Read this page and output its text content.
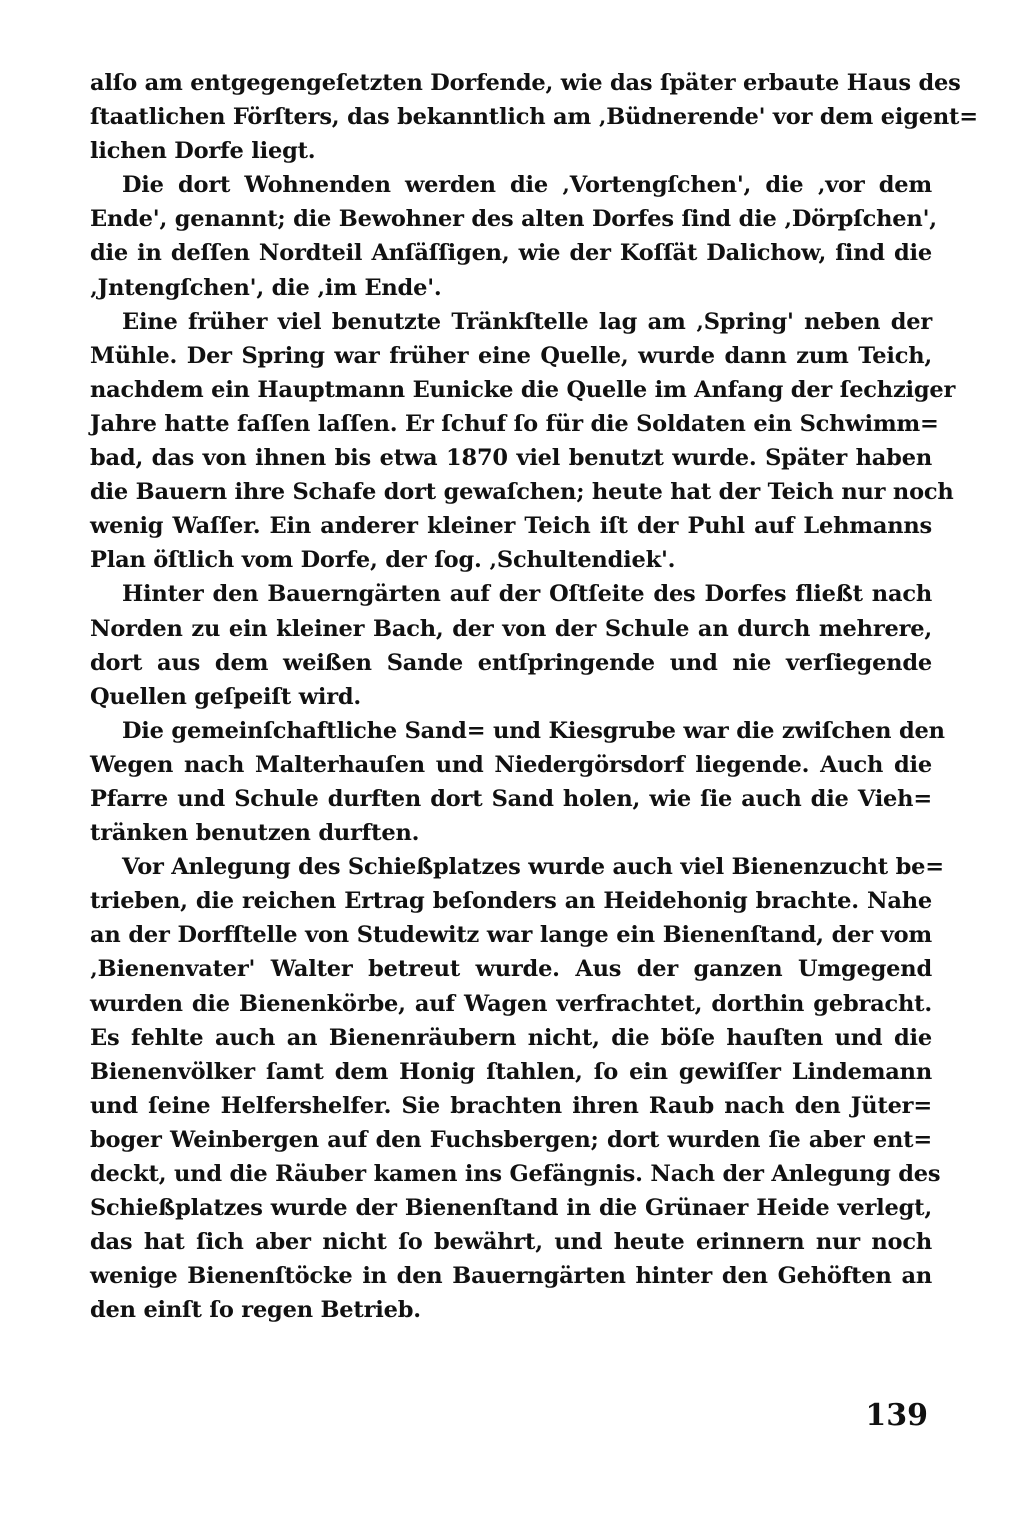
alſo am entgegengeſetzten Dorfende, wie das ſpäter erbaute Haus des
ſtaatlichen Förſters, das bekanntlich am ‚Büdnerende' vor dem eigent=
lichen Dorfe liegt.
Die dort Wohnenden werden die ‚Vortengſchen', die ‚vor dem
Ende', genannt; die Bewohner des alten Dorfes ſind die ‚Dörpſchen',
die in deſſen Nordteil Anſäſſigen, wie der Koſſät Dalichow, ſind die
‚Jntengſchen', die ‚im Ende'.
Eine früher viel benutzte Tränkſtelle lag am ‚Spring' neben der
Mühle. Der Spring war früher eine Quelle, wurde dann zum Teich,
nachdem ein Hauptmann Eunicke die Quelle im Anfang der ſechziger
Jahre hatte faſſen laſſen. Er ſchuf ſo für die Soldaten ein Schwimm=
bad, das von ihnen bis etwa 1870 viel benutzt wurde. Später haben
die Bauern ihre Schafe dort gewaſchen; heute hat der Teich nur noch
wenig Waſſer. Ein anderer kleiner Teich iſt der Puhl auf Lehmanns
Plan öſtlich vom Dorfe, der ſog. ‚Schultendiek'.
Hinter den Bauerngärten auf der Oſtſeite des Dorfes fließt nach
Norden zu ein kleiner Bach, der von der Schule an durch mehrere,
dort aus dem weißen Sande entſpringende und nie verſiegende
Quellen geſpeiſt wird.
Die gemeinſchaftliche Sand= und Kiesgrube war die zwiſchen den
Wegen nach Malterhauſen und Niedergörsdorf liegende. Auch die
Pfarre und Schule durften dort Sand holen, wie ſie auch die Vieh=
tränken benutzen durften.
Vor Anlegung des Schießplatzes wurde auch viel Bienenzucht be=
trieben, die reichen Ertrag beſonders an Heidehonig brachte. Nahe
an der Dorfſtelle von Studewitz war lange ein Bienenſtand, der vom
‚Bienenvater' Walter betreut wurde. Aus der ganzen Umgegend
wurden die Bienenkörbe, auf Wagen verfrachtet, dorthin gebracht.
Es fehlte auch an Bienenräubern nicht, die böſe hauſten und die
Bienenvölker ſamt dem Honig ſtahlen, ſo ein gewiſſer Lindemann
und ſeine Helfershelfer. Sie brachten ihren Raub nach den Jüter=
boger Weinbergen auf den Fuchsbergen; dort wurden ſie aber ent=
deckt, und die Räuber kamen ins Gefängnis. Nach der Anlegung des
Schießplatzes wurde der Bienenſtand in die Grünaer Heide verlegt,
das hat ſich aber nicht ſo bewährt, und heute erinnern nur noch
wenige Bienenſtöcke in den Bauerngärten hinter den Gehöften an
den einſt ſo regen Betrieb.
139
